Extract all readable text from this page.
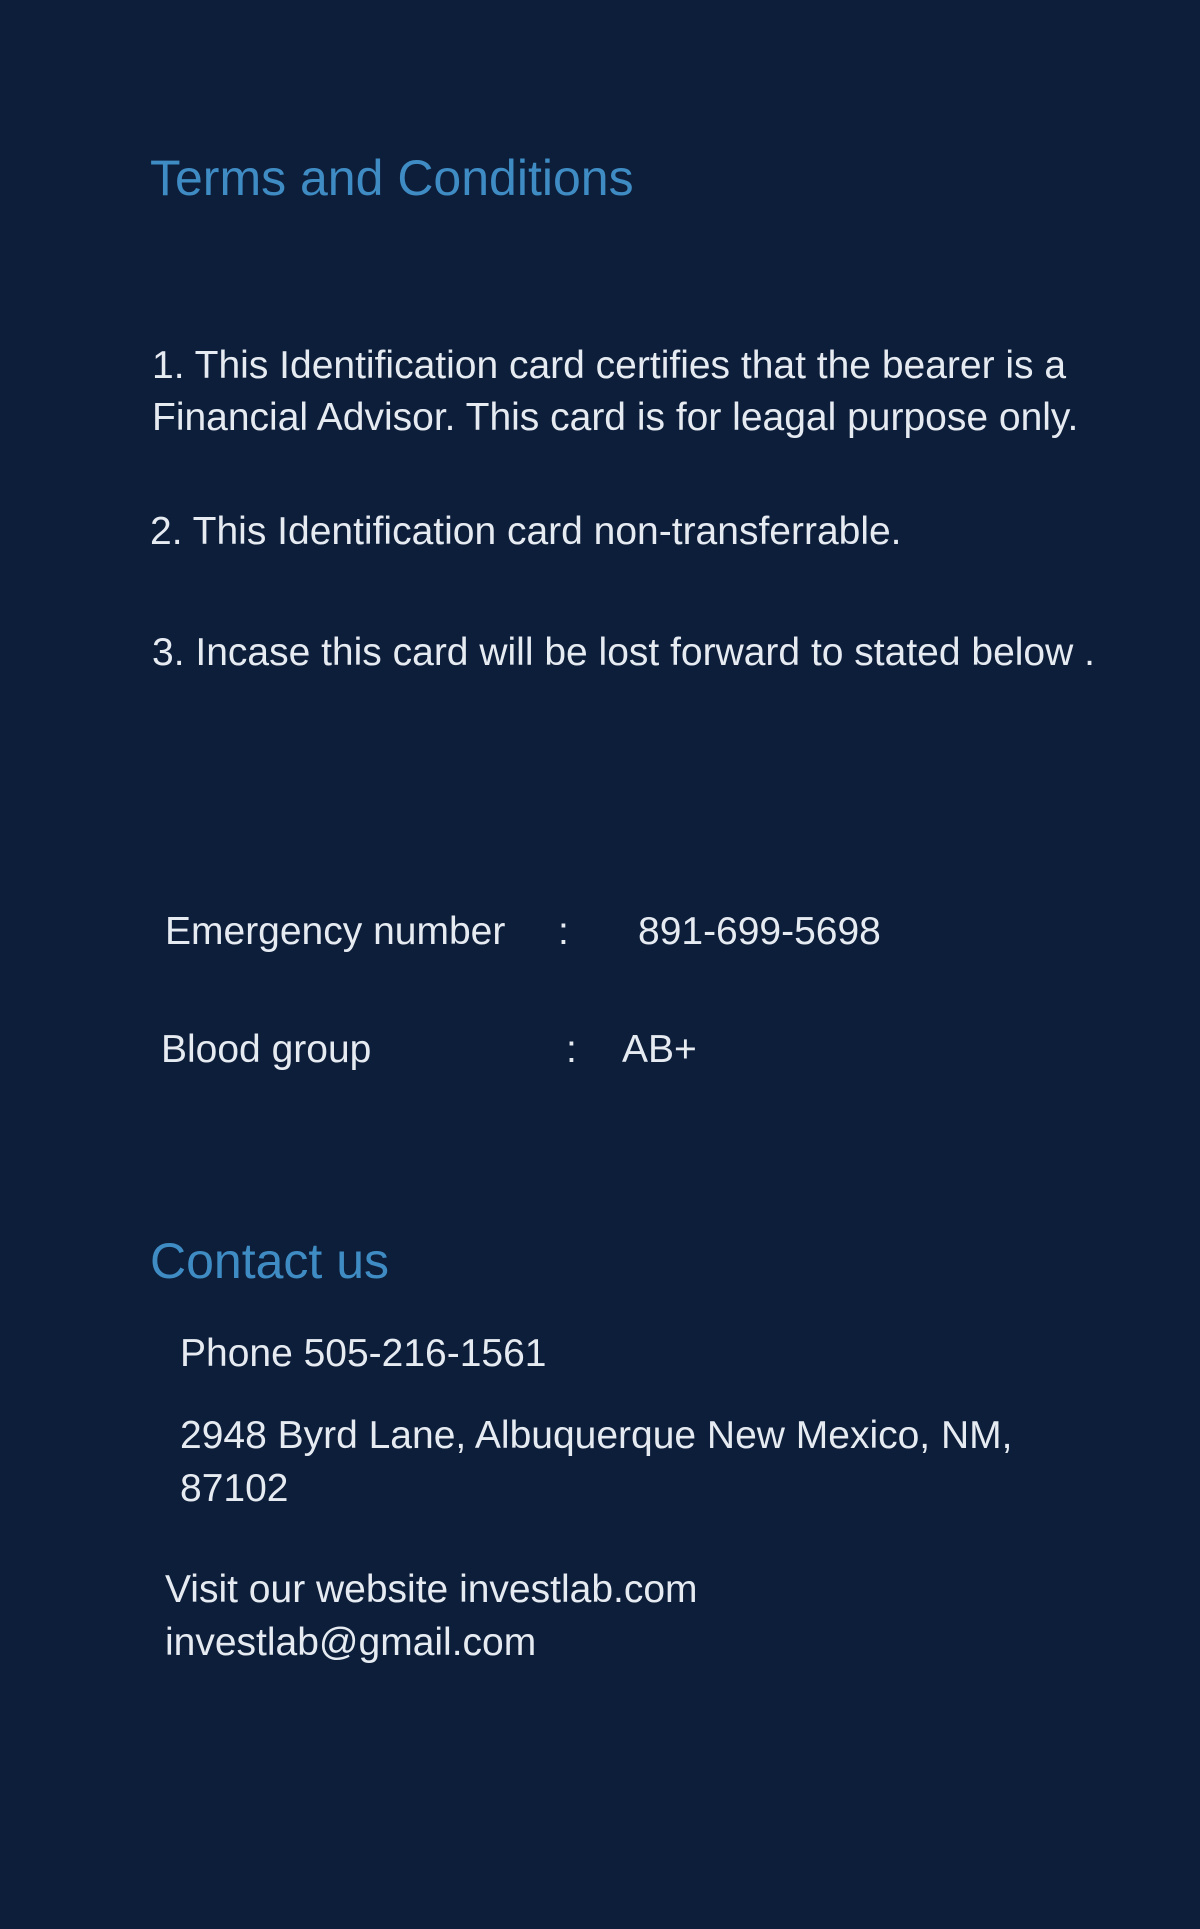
Terms and Conditions
1. This Identification card certifies that the bearer is a
Financial Advisor. This card is for leagal purpose only.
2. This Identification card non-transferrable.
3. Incase this card will be lost forward to stated below .
Emergency number : 891-699-5698
Blood group	: AB+
Contact us
Phone 505-216-1561
2948 Byrd Lane, Albuquerque New Mexico, NM,
87102
Visit our website investlab.com
investlab@gmail.com
